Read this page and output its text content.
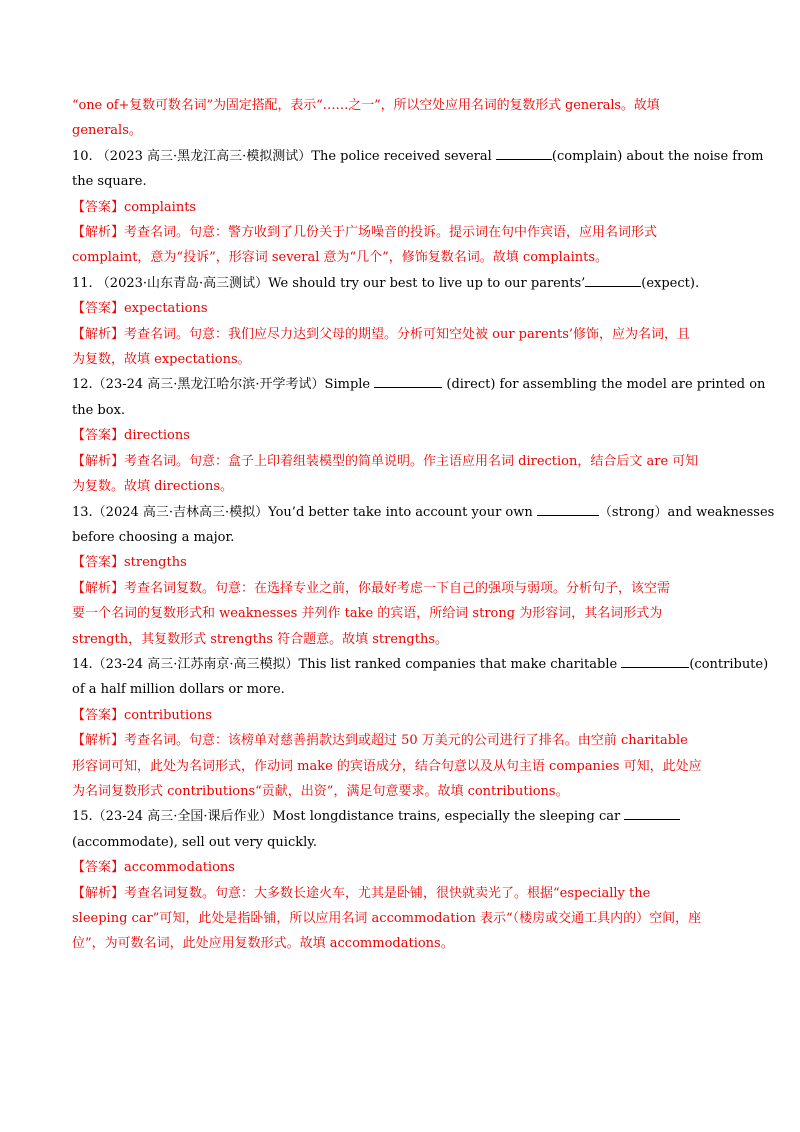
“one of+复数可数名词”为固定搭配，表示“……之一”，所以空处应用名词的复数形式 generals。故填
generals。
10. （2023 高三·黑龙江高三·模拟测试）The police received several	(complain) about the noise from
the square.
【答案】complaints
【解析】考查名词。句意：警方收到了几份关于广场噪音的投诉。提示词在句中作宾语，应用名词形式
complaint，意为“投诉”，形容词 several 意为“几个”，修饰复数名词。故填 complaints。
11. （2023·山东青岛·高三测试）We should try our best to live up to our parents’	(expect).
【答案】expectations
【解析】考查名词。句意：我们应尽力达到父母的期望。分析可知空处被 our parents’修饰，应为名词，且
为复数，故填 expectations。
12.（23-24 高三·黑龙江哈尔滨·开学考试）Simple	(direct) for assembling the model are printed on
the box.
【答案】directions
【解析】考查名词。句意：盒子上印着组装模型的简单说明。作主语应用名词 direction，结合后文 are 可知
为复数。故填 directions。
13.（2024 高三·吉林高三·模拟）You’d better take into account your own	（strong）and weaknesses
before choosing a major.
【答案】strengths
【解析】考查名词复数。句意：在选择专业之前，你最好考虑一下自己的强项与弱项。分析句子，该空需
要一个名词的复数形式和 weaknesses 并列作 take 的宾语，所给词 strong 为形容词，其名词形式为
strength，其复数形式 strengths 符合题意。故填 strengths。
14.（23-24 高三·江苏南京·高三模拟）This list ranked companies that make charitable	(contribute)
of a half million dollars or more.
【答案】contributions
【解析】考查名词。句意：该榜单对慈善捐款达到或超过 50 万美元的公司进行了排名。由空前 charitable
形容词可知，此处为名词形式，作动词 make 的宾语成分，结合句意以及从句主语 companies 可知，此处应
为名词复数形式 contributions“贡献，出资”，满足句意要求。故填 contributions。
15.（23-24 高三·全国·课后作业）Most longdistance trains, especially the sleeping car
(accommodate), sell out very quickly.
【答案】accommodations
【解析】考查名词复数。句意：大多数长途火车，尤其是卧铺，很快就卖光了。根据“especially the
sleeping car”可知，此处是指卧铺，所以应用名词 accommodation 表示“（楼房或交通工具内的）空间，座
位”，为可数名词，此处应用复数形式。故填 accommodations。
